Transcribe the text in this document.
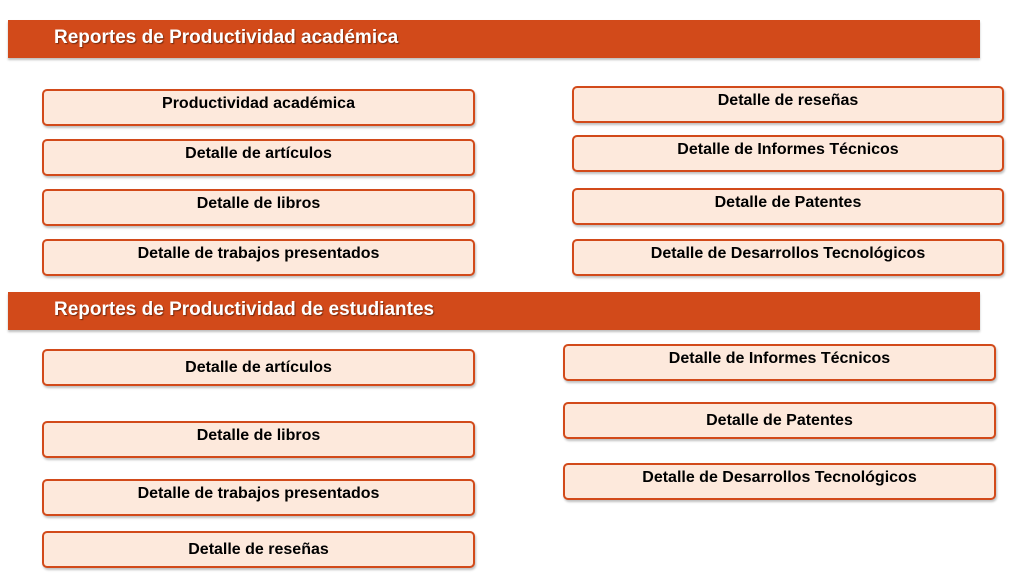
Reportes de Productividad académica
Productividad académica
Detalle de artículos
Detalle de libros
Detalle de trabajos presentados
Detalle de reseñas
Detalle de Informes Técnicos
Detalle de Patentes
Detalle de Desarrollos Tecnológicos
Reportes de Productividad de estudiantes
Detalle de artículos
Detalle de libros
Detalle de trabajos presentados
Detalle de reseñas
Detalle de Informes Técnicos
Detalle de Patentes
Detalle de Desarrollos Tecnológicos
